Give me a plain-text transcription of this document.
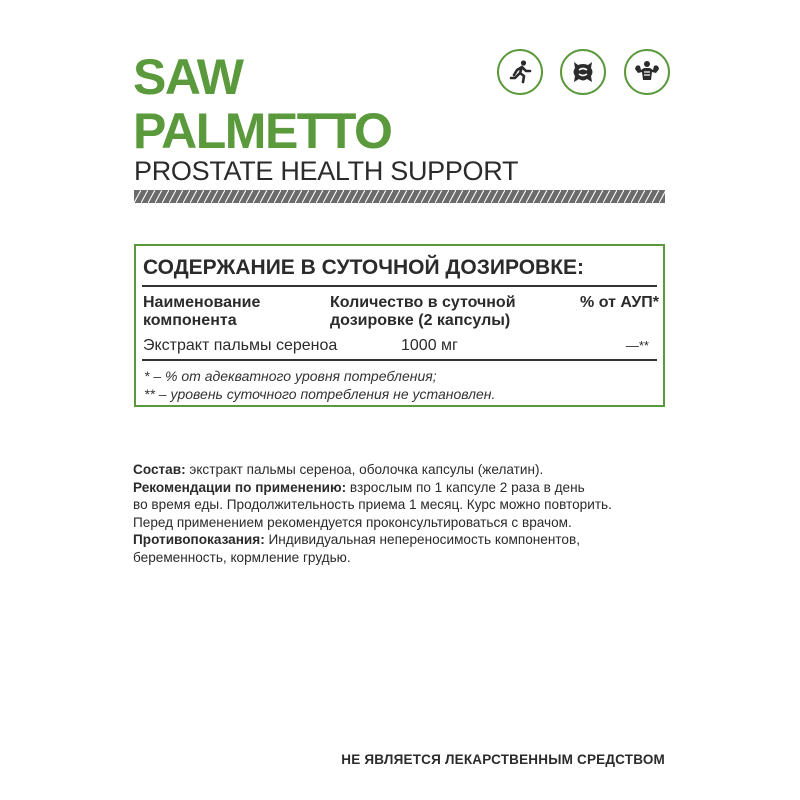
SAW
PALMETTO
PROSTATE HEALTH SUPPORT
СОДЕРЖАНИЕ В СУТОЧНОЙ ДОЗИРОВКЕ:
Наименование
компонента
Количество в суточной
дозировке (2 капсулы)
% от АУП*
Экстракт пальмы сереноа	1000 мг	—**
* – % от адекватного уровня потребления;
** – уровень суточного потребления не установлен.
Состав: экстракт пальмы сереноа, оболочка капсулы (желатин).
Рекомендации по применению: взрослым по 1 капсуле 2 раза в день
во время еды. Продолжительность приема 1 месяц. Курс можно повторить.
Перед применением рекомендуется проконсультироваться с врачом.
Противопоказания: Индивидуальная непереносимость компонентов,
беременность, кормление грудью.
НЕ ЯВЛЯЕТСЯ ЛЕКАРСТВЕННЫМ СРЕДСТВОМ
